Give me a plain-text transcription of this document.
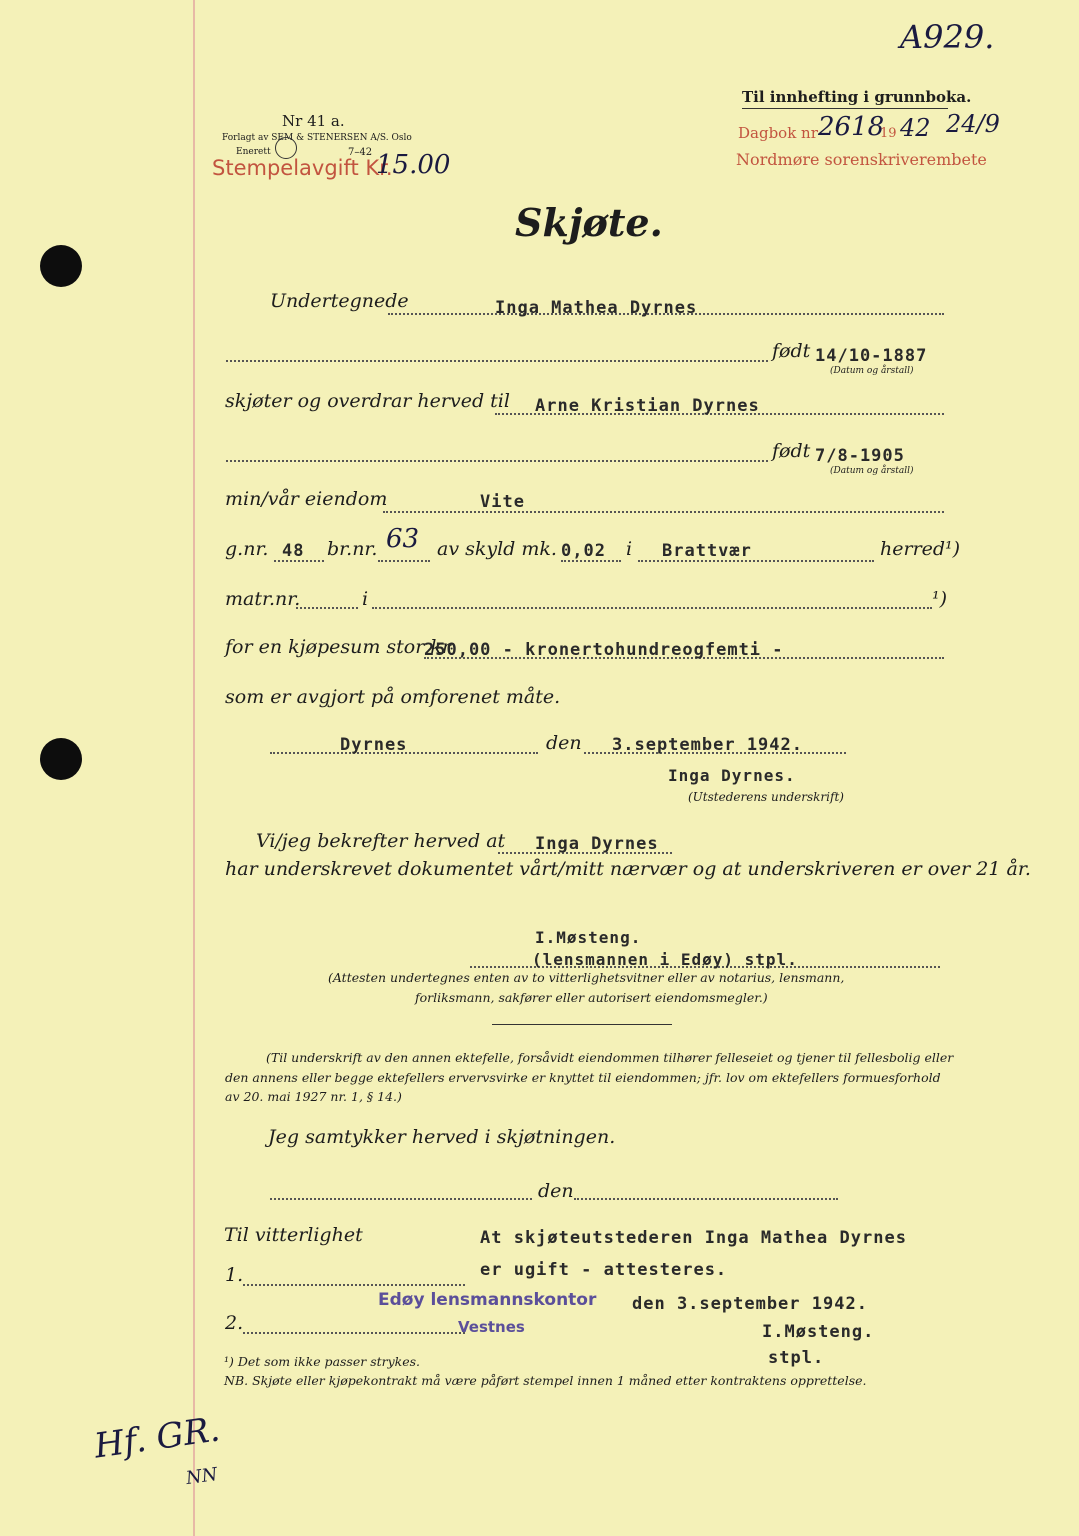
A929.
Nr 41 a.
Forlagt av SEM & STENERSEN A/S. Oslo
Enerett	7–42
Stempelavgift Kr.
15.00
Til innhefting i grunnboka.
Dagbok nr 2618
19 42 24/9
Nordmøre sorenskriverembete
Skjøte.
Undertegnede	Inga Mathea Dyrnes
født 14/10-1887
(Datum og årstall)
skjøter og overdrar herved til Arne Kristian Dyrnes
født 7/8-1905
(Datum og årstall)
min/vår eiendom	Vite
g.nr. 48 br.nr. 63 av skyld mk. 0,02 i Brattvær	herred¹)
matr.nr.	i	¹)
for en kjøpesum stor kr
250,00 - kronertohundreogfemti -
som er avgjort på omforenet måte.
Dyrnes	den 3.september 1942.
Inga Dyrnes.
(Utstederens underskrift)
Vi/jeg bekrefter herved at Inga Dyrnes
har underskrevet dokumentet vårt/mitt nærvær og at underskriveren er over 21 år.
I.Møsteng.
(lensmannen i Edøy) stpl.
(Attesten undertegnes enten av to vitterlighetsvitner eller av notarius, lensmann,
forliksmann, sakfører eller autorisert eiendomsmegler.)
(Til underskrift av den annen ektefelle, forsåvidt eiendommen tilhører felleseiet og tjener til fellesbolig eller
den annens eller begge ektefellers ervervsvirke er knyttet til eiendommen; jfr. lov om ektefellers formuesforhold
av 20. mai 1927 nr. 1, § 14.)
Jeg samtykker herved i skjøtningen.
den
Til vitterlighet
1.
2.
At skjøteutstederen Inga Mathea Dyrnes
er ugift - attesteres.
Edøy lensmannskontor
Vestnes
den 3.september 1942.
I.Møsteng.
stpl.
¹) Det som ikke passer strykes.
NB. Skjøte eller kjøpekontrakt må være påført stempel innen 1 måned etter kontraktens opprettelse.
Hf. GR.
NN
